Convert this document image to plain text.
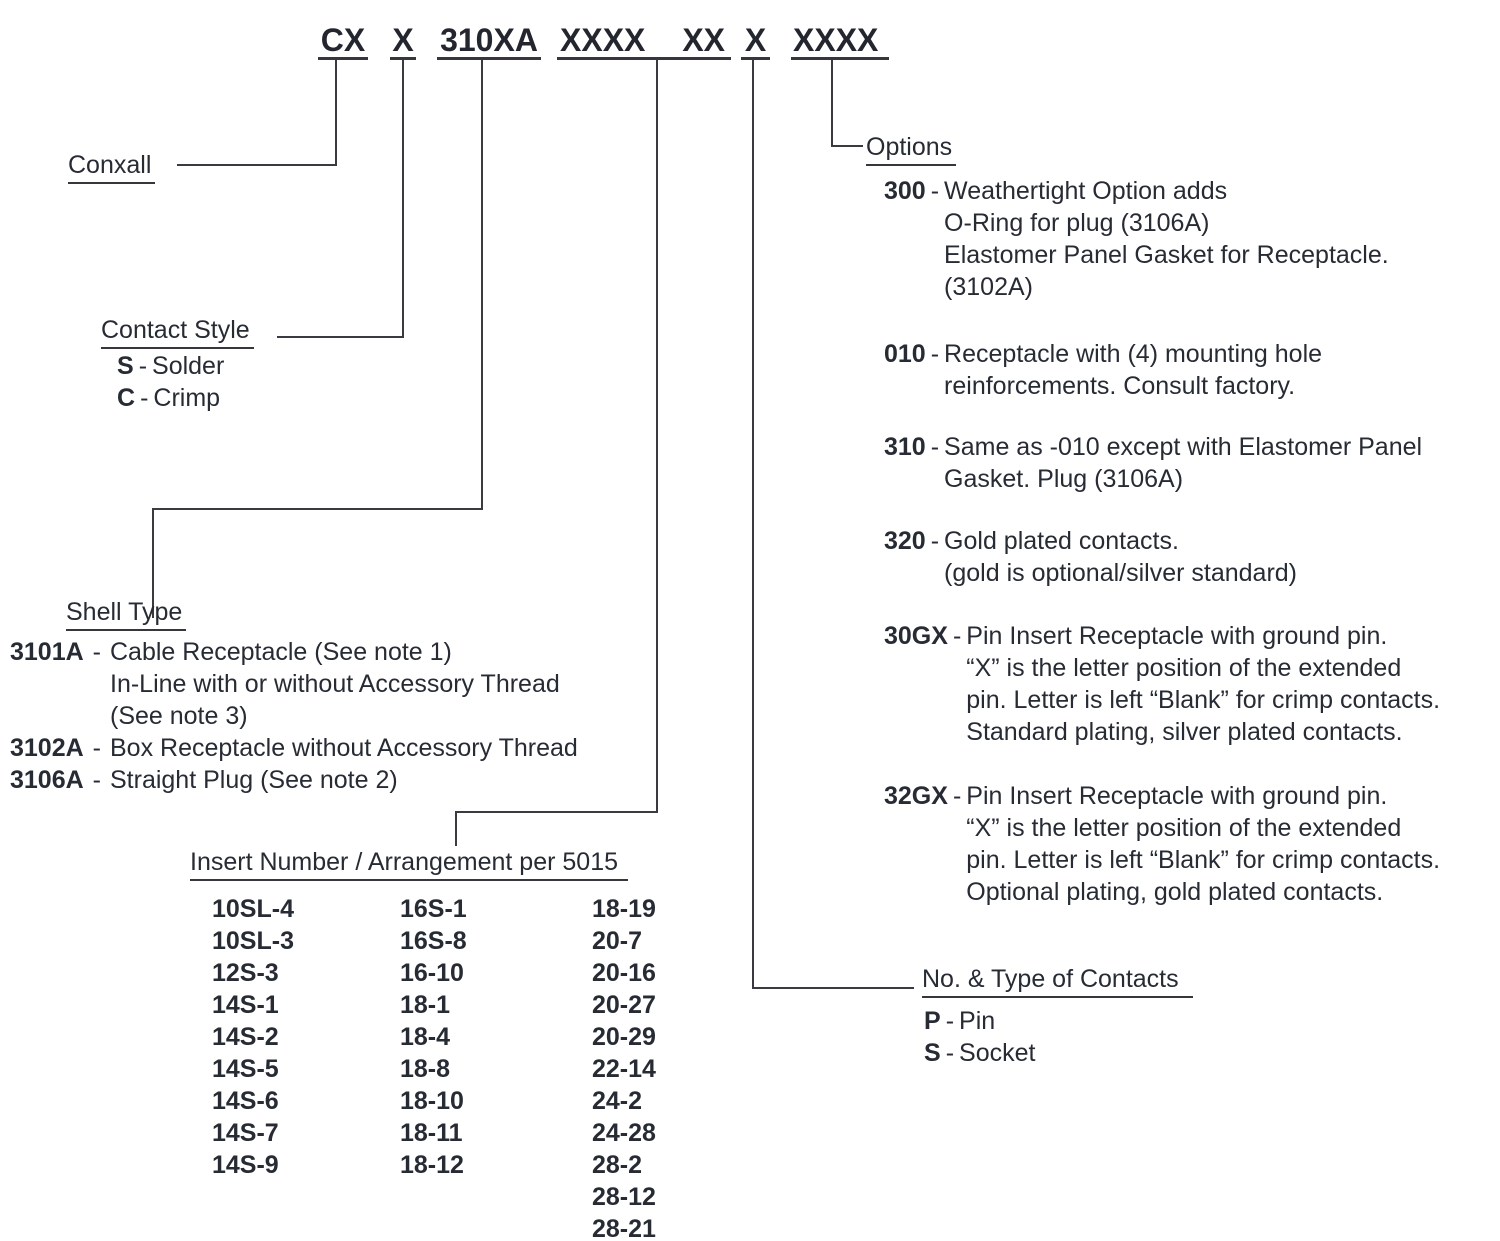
CX X 310XA XXXX XX X XXXX
Conxall
Contact Style
S - Solder
C - Crimp
Shell Type
3101A - Cable Receptacle (See note 1)
In-Line with or without Accessory Thread
(See note 3)
3102A - Box Receptacle without Accessory Thread
3106A - Straight Plug (See note 2)
Insert Number / Arrangement per 5015
10SL-4
10SL-3
12S-3
14S-1
14S-2
14S-5
14S-6
14S-7
14S-9
16S-1
16S-8
16-10
18-1
18-4
18-8
18-10
18-11
18-12
18-19
20-7
20-16
20-27
20-29
22-14
24-2
24-28
28-2
28-12
28-21
Options
300 - Weathertight Option adds
O-Ring for plug (3106A)
Elastomer Panel Gasket for Receptacle.
(3102A)
010 - Receptacle with (4) mounting hole
reinforcements. Consult factory.
310 - Same as -010 except with Elastomer Panel
Gasket. Plug (3106A)
320 - Gold plated contacts.
(gold is optional/silver standard)
30GX - Pin Insert Receptacle with ground pin.
“X” is the letter position of the extended
pin. Letter is left “Blank” for crimp contacts.
Standard plating, silver plated contacts.
32GX - Pin Insert Receptacle with ground pin.
“X” is the letter position of the extended
pin. Letter is left “Blank” for crimp contacts.
Optional plating, gold plated contacts.
No. & Type of Contacts
P - Pin
S - Socket
